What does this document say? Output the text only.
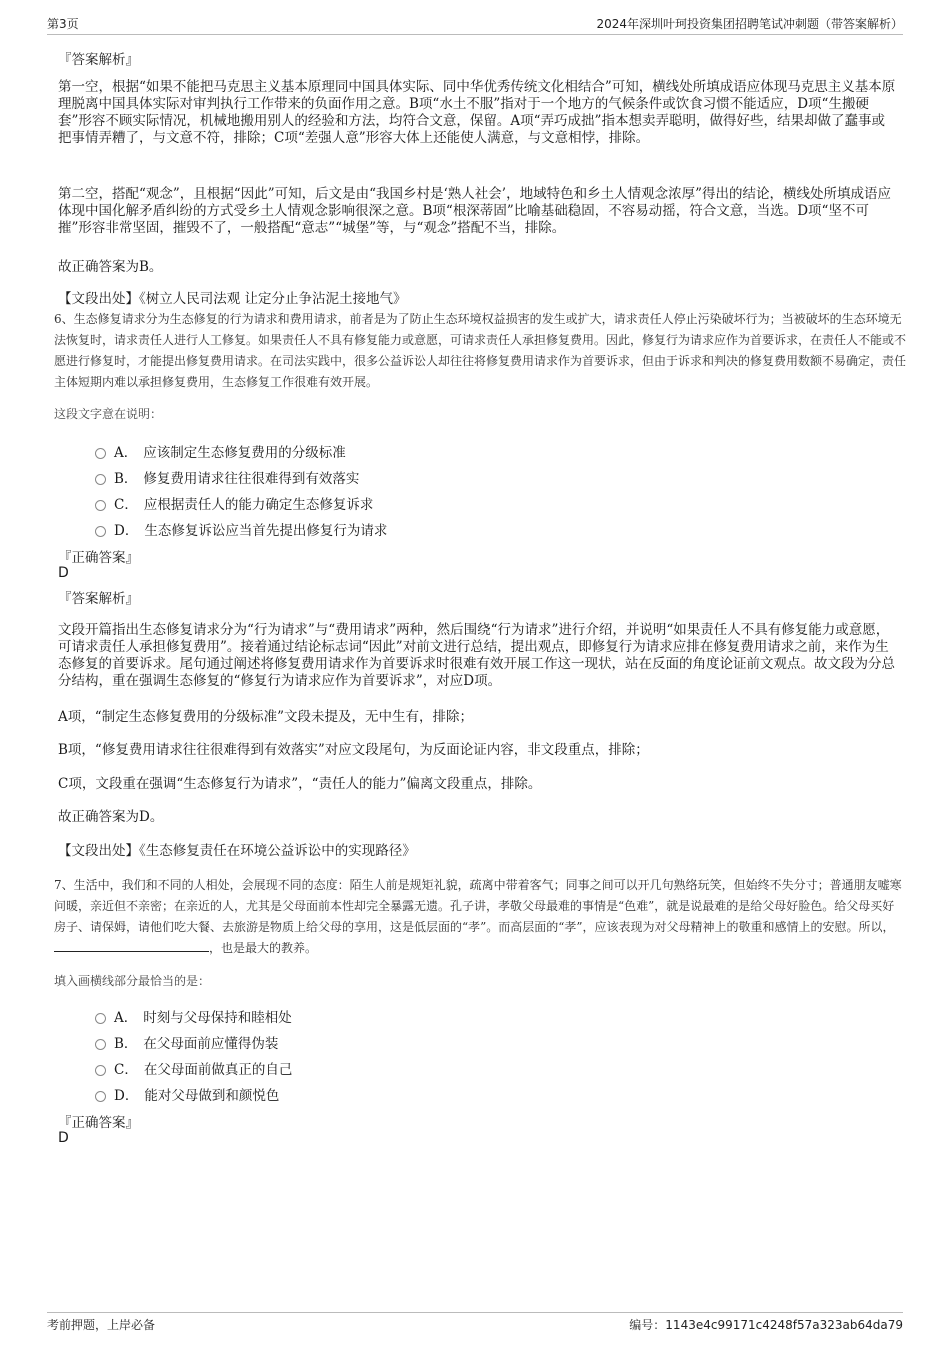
第3页	2024年深圳叶珂投资集团招聘笔试冲刺题（带答案解析）
『答案解析』
第一空，根据“如果不能把马克思主义基本原理同中国具体实际、同中华优秀传统文化相结合”可知，横线处所填成语应体现马克思主义基本原理脱离中国具体实际对审判执行工作带来的负面作用之意。B项“水土不服”指对于一个地方的气候条件或饮食习惯不能适应，D项“生搬硬套”形容不顾实际情况，机械地搬用别人的经验和方法，均符合文意，保留。A项“弄巧成拙”指本想卖弄聪明，做得好些，结果却做了蠢事或把事情弄糟了，与文意不符，排除；C项“差强人意”形容大体上还能使人满意，与文意相悖，排除。
第二空，搭配“观念”，且根据“因此”可知，后文是由“我国乡村是‘熟人社会’，地域特色和乡土人情观念浓厚”得出的结论，横线处所填成语应体现中国化解矛盾纠纷的方式受乡土人情观念影响很深之意。B项“根深蒂固”比喻基础稳固，不容易动摇，符合文意，当选。D项“坚不可摧”形容非常坚固，摧毁不了，一般搭配“意志”“城堡”等，与“观念”搭配不当，排除。
故正确答案为B。
【文段出处】《树立人民司法观 让定分止争沾泥土接地气》
6、生态修复请求分为生态修复的行为请求和费用请求，前者是为了防止生态环境权益损害的发生或扩大，请求责任人停止污染破坏行为；当被破坏的生态环境无法恢复时，请求责任人进行人工修复。如果责任人不具有修复能力或意愿，可请求责任人承担修复费用。因此，修复行为请求应作为首要诉求，在责任人不能或不愿进行修复时，才能提出修复费用请求。在司法实践中，很多公益诉讼人却往往将修复费用请求作为首要诉求，但由于诉求和判决的修复费用数额不易确定，责任主体短期内难以承担修复费用，生态修复工作很难有效开展。
这段文字意在说明：
A． 应该制定生态修复费用的分级标准
B． 修复费用请求往往很难得到有效落实
C． 应根据责任人的能力确定生态修复诉求
D． 生态修复诉讼应当首先提出修复行为请求
『正确答案』
D
『答案解析』
文段开篇指出生态修复请求分为“行为请求”与“费用请求”两种，然后围绕“行为请求”进行介绍，并说明“如果责任人不具有修复能力或意愿，可请求责任人承担修复费用”。接着通过结论标志词“因此”对前文进行总结，提出观点，即修复行为请求应排在修复费用请求之前，来作为生态修复的首要诉求。尾句通过阐述将修复费用请求作为首要诉求时很难有效开展工作这一现状，站在反面的角度论证前文观点。故文段为分总分结构，重在强调生态修复的“修复行为请求应作为首要诉求”，对应D项。
A项，“制定生态修复费用的分级标准”文段未提及，无中生有，排除；
B项，“修复费用请求往往很难得到有效落实”对应文段尾句，为反面论证内容，非文段重点，排除；
C项，文段重在强调“生态修复行为请求”，“责任人的能力”偏离文段重点，排除。
故正确答案为D。
【文段出处】《生态修复责任在环境公益诉讼中的实现路径》
7、生活中，我们和不同的人相处，会展现不同的态度：陌生人前是规矩礼貌，疏离中带着客气；同事之间可以开几句熟络玩笑，但始终不失分寸；普通朋友嘘寒问暖，亲近但不亲密；在亲近的人，尤其是父母面前本性却完全暴露无遗。孔子讲，孝敬父母最难的事情是“色难”，就是说最难的是给父母好脸色。给父母买好房子、请保姆，请他们吃大餐、去旅游是物质上给父母的享用，这是低层面的“孝”。而高层面的“孝”，应该表现为对父母精神上的敬重和感情上的安慰。所以，，也是最大的教养。
填入画横线部分最恰当的是：
A． 时刻与父母保持和睦相处
B． 在父母面前应懂得伪装
C． 在父母面前做真正的自己
D． 能对父母做到和颜悦色
『正确答案』
D
考前押题，上岸必备	编号：1143e4c99171c4248f57a323ab64da79
